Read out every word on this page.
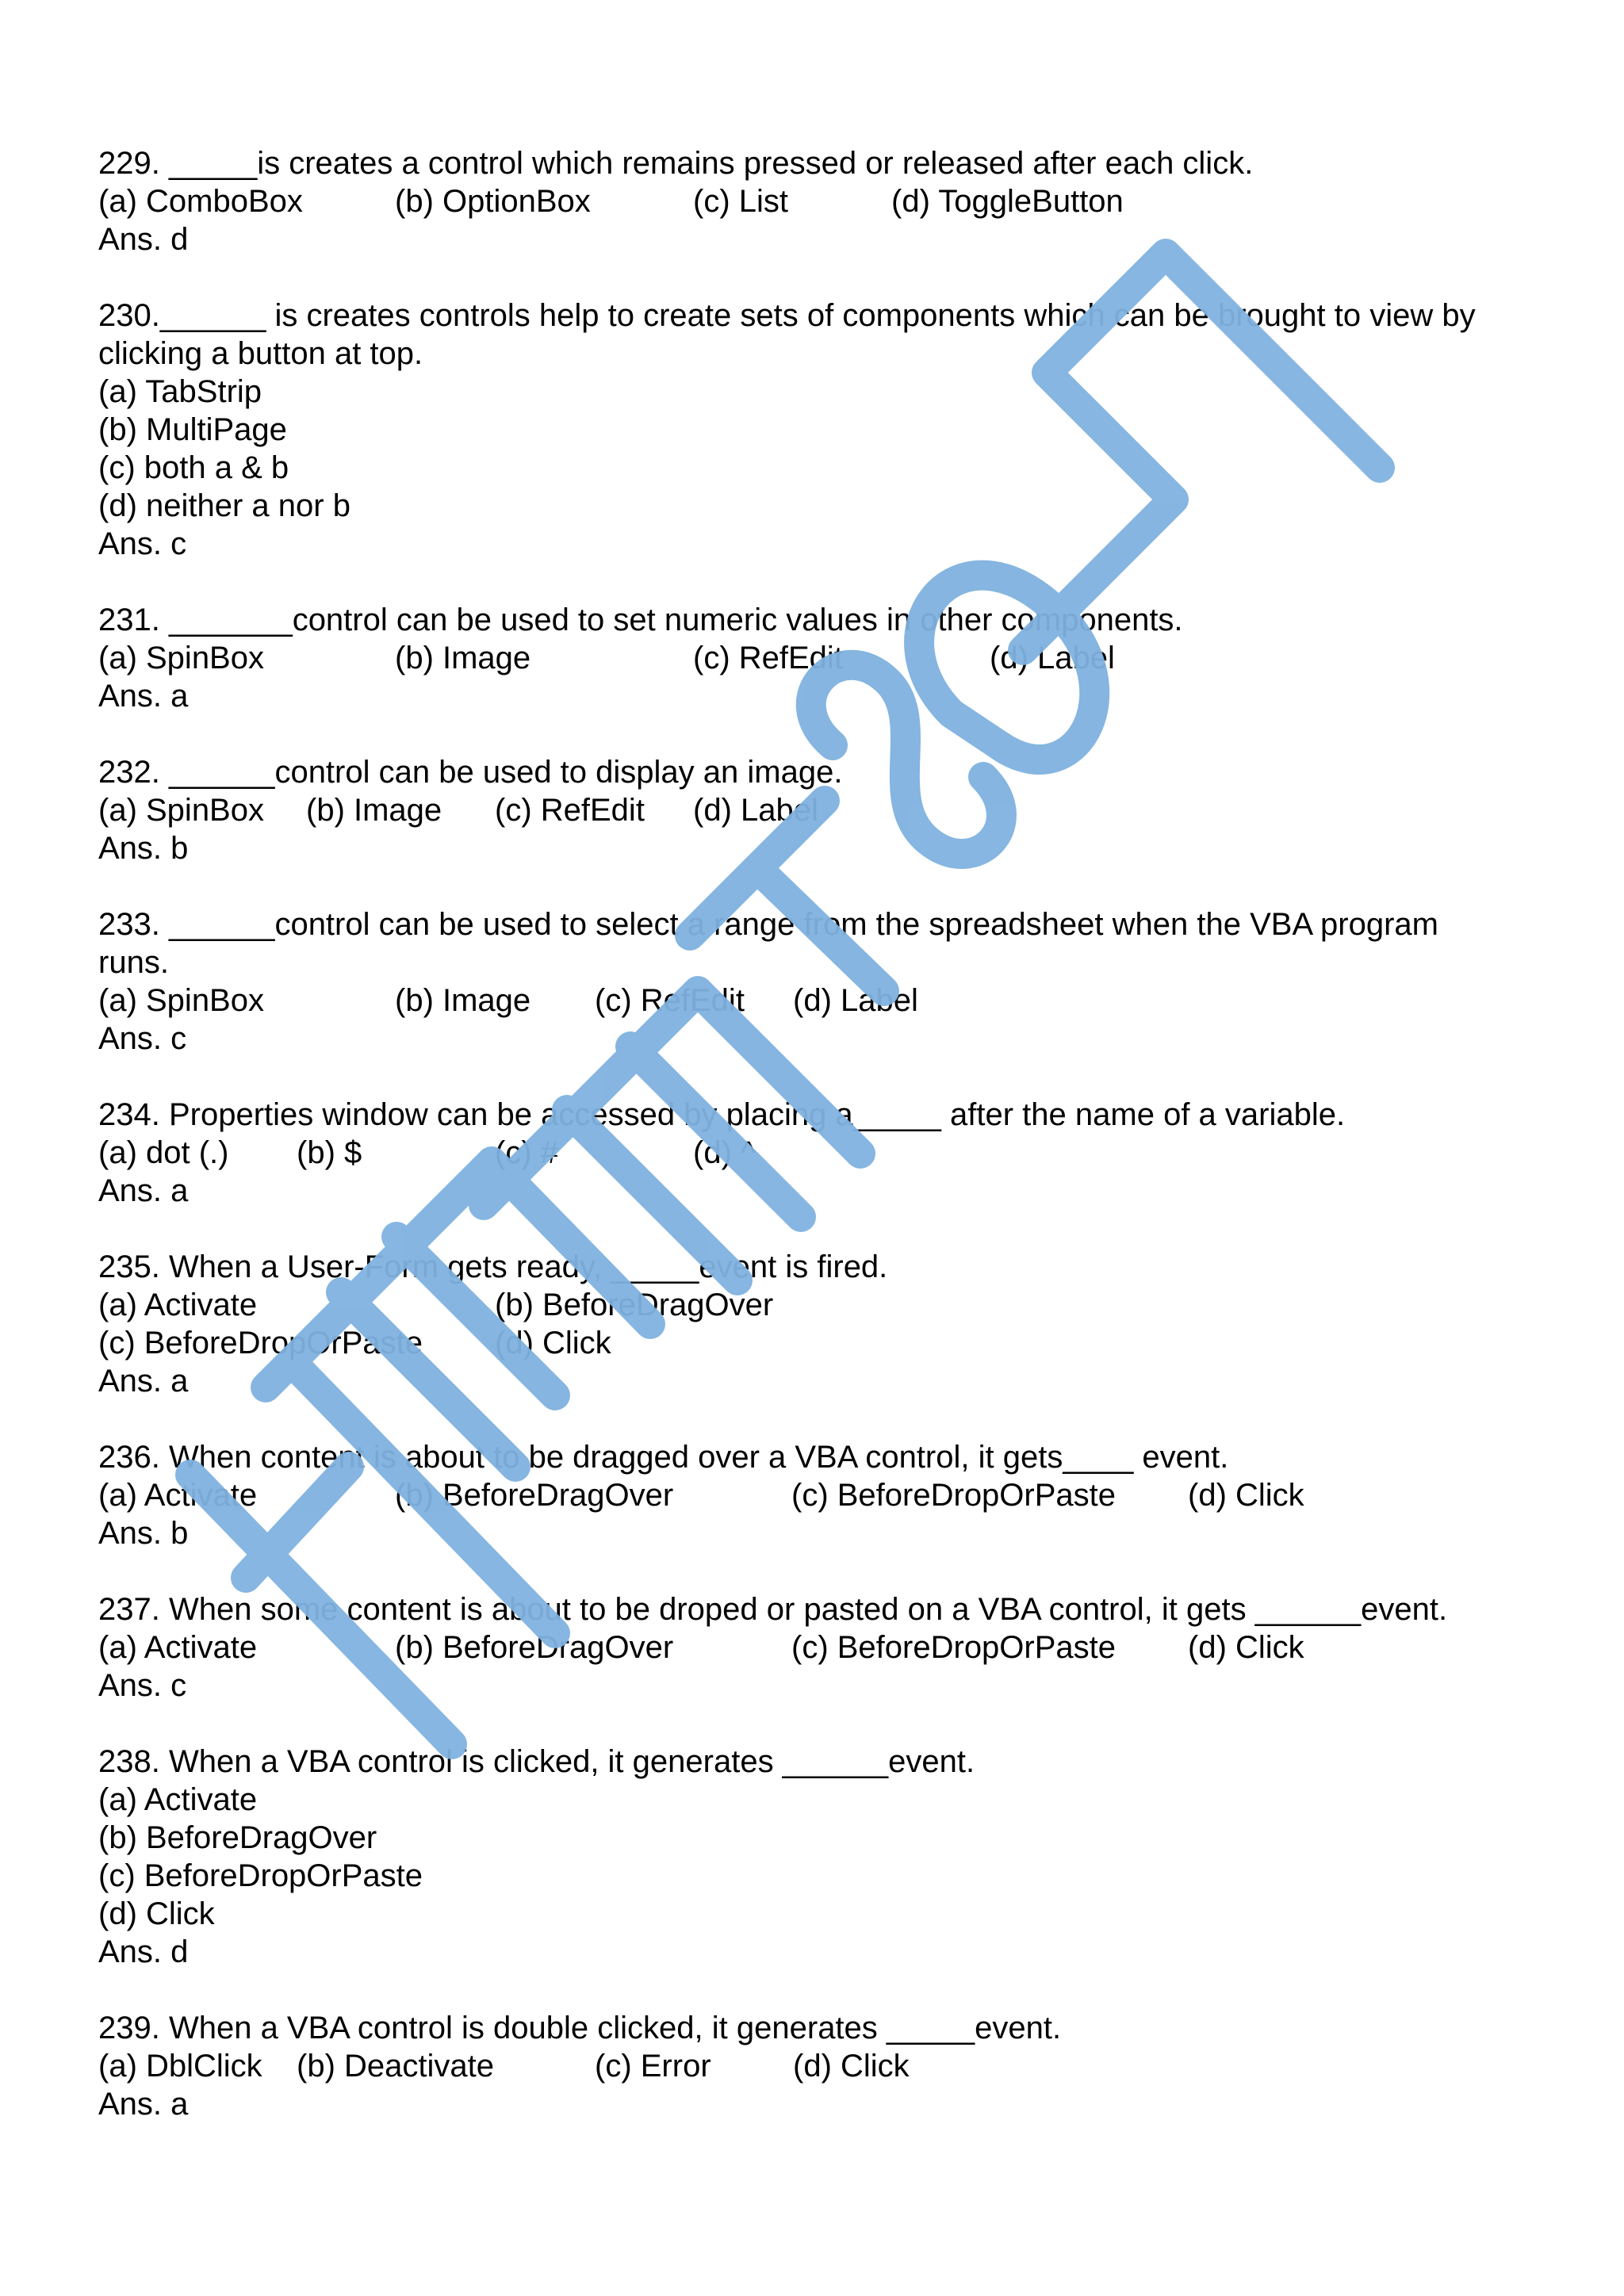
229. _____is creates a control which remains pressed or released after each click.

(a) ComboBox

	(b) OptionBox

	(c) List

	(d) ToggleButton

Ans. d
230.______ is creates controls help to create sets of components which can be brought to view by
clicking a button at top.
(a) TabStrip
(b) MultiPage
(c) both a & b
(d) neither a nor b
Ans. c
231. _______control can be used to set numeric values in other components.

(a) SpinBox

	(b) Image

	(c) RefEdit

	(d) Label

Ans. a
232. ______control can be used to display an image.

(a) SpinBox

(b) Image

(c) RefEdit

(d) Label

Ans. b
233. ______control can be used to select a range from the spreadsheet when the VBA program
runs.

(a) SpinBox

	(b) Image

(c) RefEdit

(d) Label

Ans. c
234. Properties window can be accessed by placing a_____ after the name of a variable.

(a) dot (.)

(b) $

	(c) #

	(d) ^

Ans. a
235. When a User-Form gets ready, _____event is fired.

(a) Activate

	(b) BeforeDragOver

(c) BeforeDropOrPaste

(d) Click

Ans. a
236. When content is about to be dragged over a VBA control, it gets____ event.

(a) Activate

	(b) BeforeDragOver

	(c) BeforeDropOrPaste

(d) Click

Ans. b
237. When some content is about to be droped or pasted on a VBA control, it gets ______event.

(a) Activate

	(b) BeforeDragOver

	(c) BeforeDropOrPaste

(d) Click

Ans. c
238. When a VBA control is clicked, it generates ______event.
(a) Activate
(b) BeforeDragOver
(c) BeforeDropOrPaste
(d) Click
Ans. d
239. When a VBA control is double clicked, it generates _____event.

(a) DblClick

(b) Deactivate

	(c) Error

	(d) Click

Ans. a
